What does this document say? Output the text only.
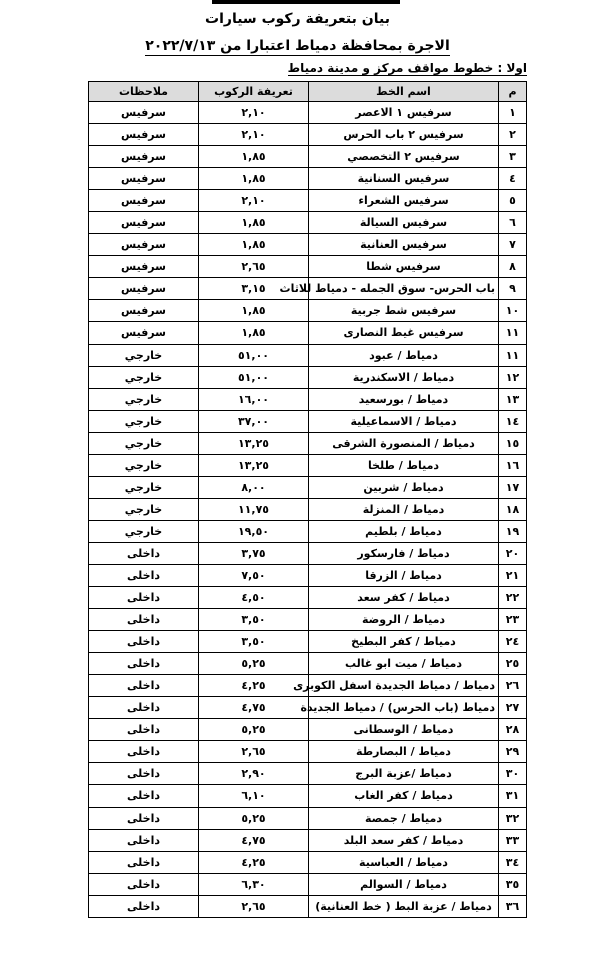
بيان بتعريفة ركوب سيارات
الاجرة بمحافظة دمياط اعتبارا من ٢٠٢٢/٧/١٣
اولا : خطوط مواقف مركز و مدينة دمياط
م	اسم الخط	تعريفة الركوب	ملاحظات
١	سرفيس ١ الاعصر	٢,١٠	سرفيس
٢	سرفيس ٢ باب الحرس	٢,١٠	سرفيس
٣	سرفيس ٢ التخصصي	١,٨٥	سرفيس
٤	سرفيس السنانية	١,٨٥	سرفيس
٥	سرفيس الشعراء	٢,١٠	سرفيس
٦	سرفيس السيالة	١,٨٥	سرفيس
٧	سرفيس العنانية	١,٨٥	سرفيس
٨	سرفيس شطا	٢,٦٥	سرفيس
٩	باب الحرس- سوق الجمله - دمياط للاثاث	٣,١٥	سرفيس
١٠	سرفيس شط جربية	١,٨٥	سرفيس
١١	سرفيس غيط النصارى	١,٨٥	سرفيس
١١	دمياط / عبود	٥١,٠٠	خارجي
١٢	دمياط / الاسكندرية	٥١,٠٠	خارجي
١٣	دمياط / بورسعيد	١٦,٠٠	خارجي
١٤	دمياط / الاسماعيلية	٣٧,٠٠	خارجي
١٥	دمياط / المنصورة الشرقى	١٣,٢٥	خارجي
١٦	دمياط / طلخا	١٣,٢٥	خارجي
١٧	دمياط / شربين	٨,٠٠	خارجي
١٨	دمياط / المنزلة	١١,٧٥	خارجي
١٩	دمياط / بلطيم	١٩,٥٠	خارجي
٢٠	دمياط / فارسكور	٣,٧٥	داخلى
٢١	دمياط / الزرقا	٧,٥٠	داخلى
٢٢	دمياط / كفر سعد	٤,٥٠	داخلى
٢٣	دمياط / الروضة	٣,٥٠	داخلى
٢٤	دمياط / كفر البطيخ	٣,٥٠	داخلى
٢٥	دمياط / ميت ابو غالب	٥,٢٥	داخلى
٢٦	دمياط / دمياط الجديدة اسفل الكوبرى	٤,٢٥	داخلى
٢٧	دمياط (باب الحرس) / دمياط الجديدة	٤,٧٥	داخلى
٢٨	دمياط / الوسطانى	٥,٢٥	داخلى
٢٩	دمياط / البصارطة	٢,٦٥	داخلى
٣٠	دمياط /عزبة البرج	٢,٩٠	داخلى
٣١	دمياط / كفر الغاب	٦,١٠	داخلى
٣٢	دمياط / جمصة	٥,٢٥	داخلى
٣٣	دمياط / كفر سعد البلد	٤,٧٥	داخلى
٣٤	دمياط / العباسية	٤,٢٥	داخلى
٣٥	دمياط / السوالم	٦,٣٠	داخلى
٣٦	دمياط / عزبة البط ( خط العنانية)	٢,٦٥	داخلى
